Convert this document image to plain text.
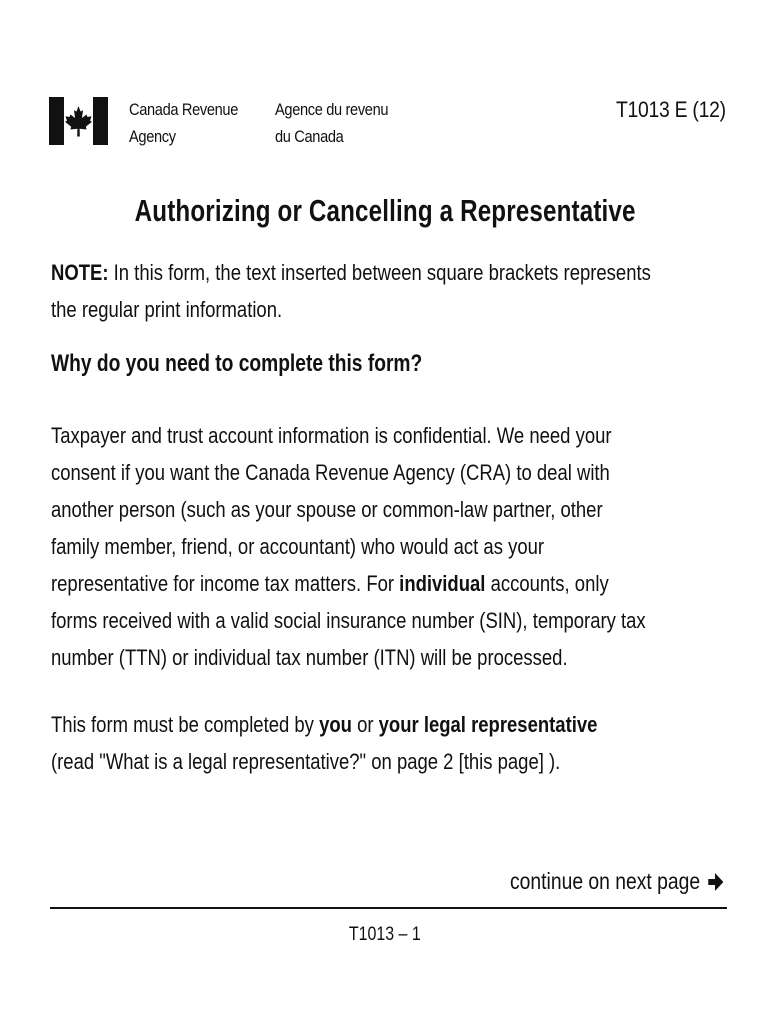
Canada Revenue
Agency
Agence du revenu
du Canada
T1013 E (12)
Authorizing or Cancelling a Representative
NOTE: In this form, the text inserted between square brackets represents
the regular print information.
Why do you need to complete this form?
Taxpayer and trust account information is confidential. We need your
consent if you want the Canada Revenue Agency (CRA) to deal with
another person (such as your spouse or common-law partner, other
family member, friend, or accountant) who would act as your
representative for income tax matters. For individual accounts, only
forms received with a valid social insurance number (SIN), temporary tax
number (TTN) or individual tax number (ITN) will be processed.
This form must be completed by you or your legal representative
(read "What is a legal representative?" on page 2 [this page] ).
continue on next page
T1013 – 1
